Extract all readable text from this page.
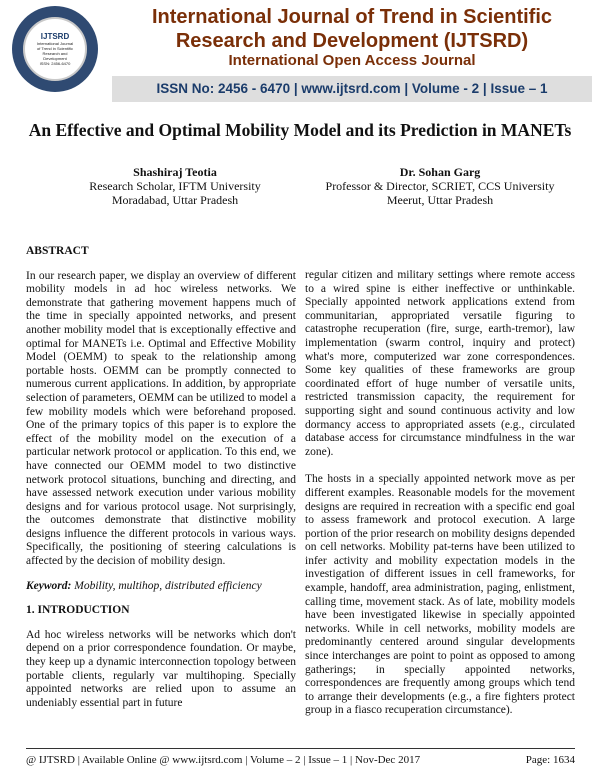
IJTSRD
International Journal
of Trend in Scientific
Research and
Development
ISSN: 2456-6470
International Journal of Trend in Scientific
Research and Development (IJTSRD)
International Open Access Journal
ISSN No: 2456 - 6470 | www.ijtsrd.com | Volume - 2 | Issue – 1
An Effective and Optimal Mobility Model and its Prediction in MANETs
Shashiraj Teotia
Research Scholar, IFTM University
Moradabad, Uttar Pradesh
Dr. Sohan Garg
Professor & Director, SCRIET, CCS University
Meerut, Uttar Pradesh
ABSTRACT

In our research paper, we display an overview of different mobility models in ad hoc wireless networks. We demonstrate that gathering movement happens much of the time in specially appointed networks, and present another mobility model that is exceptionally effective and optimal for MANETs i.e. Optimal and Effective Mobility Model (OEMM) to speak to the relationship among portable hosts. OEMM can be promptly connected to numerous current applications. In addition, by appropriate selection of parameters, OEMM can be utilized to model a few mobility models which were beforehand proposed. One of the primary topics of this paper is to explore the effect of the mobility model on the execution of a particular network protocol or application. To this end, we have connected our OEMM model to two distinctive network protocol situations, bunching and directing, and have assessed network execution under various mobility designs and for various protocol usage. Not surprisingly, the outcomes demonstrate that distinctive mobility designs influence the different protocols in various ways. Specifically, the positioning of steering calculations is affected by the decision of mobility design.

Keyword: Mobility, multihop, distributed efficiency

1. INTRODUCTION

Ad hoc wireless networks will be networks which don't depend on a prior correspondence foundation. Or maybe, they keep up a dynamic interconnection topology between portable clients, regularly var multihoping. Specially appointed networks are relied upon to assume an undeniably essential part in future

regular citizen and military settings where remote access to a wired spine is either ineffective or unthinkable. Specially appointed network applications extend from communitarian, appropriated versatile figuring to catastrophe recuperation (fire, surge, earth-tremor), law implementation (swarm control, inquiry and protect) what's more, computerized war zone correspondences. Some key qualities of these frameworks are group coordinated effort of huge number of versatile units, restricted transmission capacity, the requirement for supporting sight and sound continuous activity and low dormancy access to appropriated assets (e.g., circulated database access for circumstance mindfulness in the war zone).

The hosts in a specially appointed network move as per different examples. Reasonable models for the movement designs are required in recreation with a specific end goal to assess framework and protocol execution. A large portion of the prior research on mobility designs depended on cell networks. Mobility pat-terns have been utilized to infer activity and mobility expectation models in the investigation of different issues in cell frameworks, for example, handoff, area administration, paging, enlistment, calling time, movement stack. As of late, mobility models have been investigated likewise in specially appointed networks. While in cell networks, mobility models are predominantly centered around singular developments since interchanges are point to point as opposed to among gatherings; in specially appointed networks, correspondences are frequently among groups which tend to arrange their developments (e.g., a fire fighters protect group in a fiasco recuperation circumstance).

@ IJTSRD | Available Online @ www.ijtsrd.com | Volume – 2 | Issue – 1 | Nov-Dec 2017	Page: 1634
